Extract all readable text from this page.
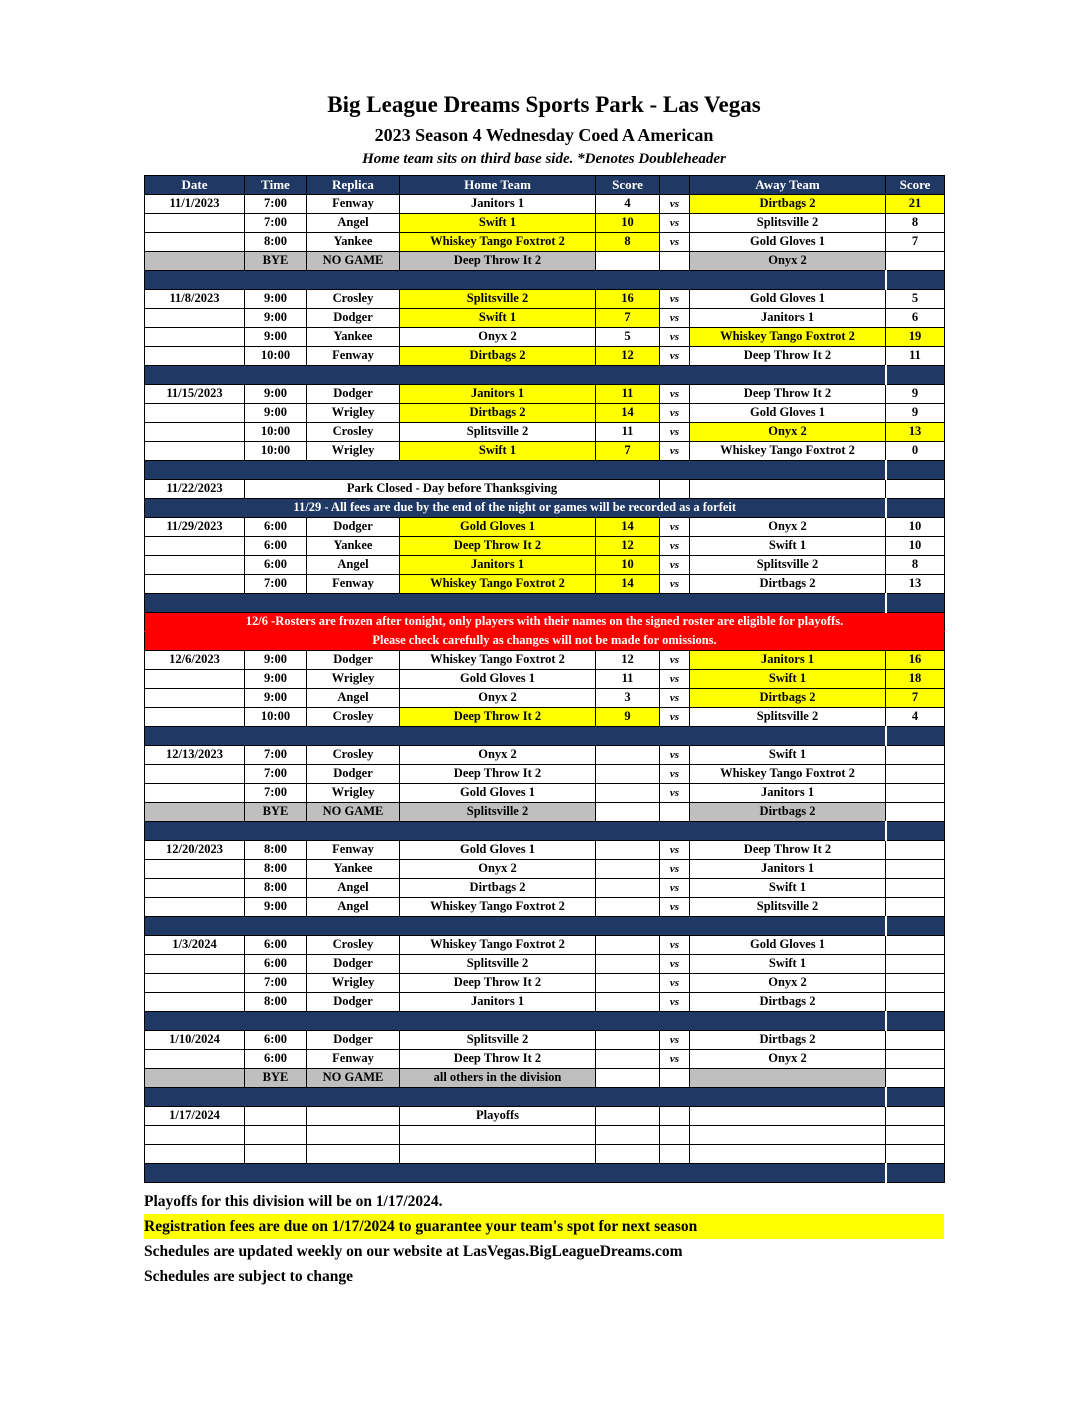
Big League Dreams Sports Park - Las Vegas
2023 Season 4 Wednesday Coed A American
Home team sits on third base side. *Denotes Doubleheader
Date	Time	Replica	Home Team	Score		Away Team	Score
11/1/2023	7:00	Fenway	Janitors 1	4	vs	Dirtbags 2	21
	7:00	Angel	Swift 1	10	vs	Splitsville 2	8
	8:00	Yankee	Whiskey Tango Foxtrot 2	8	vs	Gold Gloves 1	7
	BYE	NO GAME	Deep Throw It 2			Onyx 2	

11/8/2023	9:00	Crosley	Splitsville 2	16	vs	Gold Gloves 1	5
	9:00	Dodger	Swift 1	7	vs	Janitors 1	6
	9:00	Yankee	Onyx 2	5	vs	Whiskey Tango Foxtrot 2	19
	10:00	Fenway	Dirtbags 2	12	vs	Deep Throw It 2	11

11/15/2023	9:00	Dodger	Janitors 1	11	vs	Deep Throw It 2	9
	9:00	Wrigley	Dirtbags 2	14	vs	Gold Gloves 1	9
	10:00	Crosley	Splitsville 2	11	vs	Onyx 2	13
	10:00	Wrigley	Swift 1	7	vs	Whiskey Tango Foxtrot 2	0

11/22/2023	Park Closed - Day before Thanksgiving						
11/29 - All fees are due by the end of the night or games will be recorded as a forfeit							
11/29/2023	6:00	Dodger	Gold Gloves 1	14	vs	Onyx 2	10
	6:00	Yankee	Deep Throw It 2	12	vs	Swift 1	10
	6:00	Angel	Janitors 1	10	vs	Splitsville 2	8
	7:00	Fenway	Whiskey Tango Foxtrot 2	14	vs	Dirtbags 2	13

12/6 -Rosters are frozen after tonight, only players with their names on the signed roster are eligible for playoffs.							
Please check carefully as changes will not be made for omissions.							
12/6/2023	9:00	Dodger	Whiskey Tango Foxtrot 2	12	vs	Janitors 1	16
	9:00	Wrigley	Gold Gloves 1	11	vs	Swift 1	18
	9:00	Angel	Onyx 2	3	vs	Dirtbags 2	7
	10:00	Crosley	Deep Throw It 2	9	vs	Splitsville 2	4

12/13/2023	7:00	Crosley	Onyx 2		vs	Swift 1	
	7:00	Dodger	Deep Throw It 2		vs	Whiskey Tango Foxtrot 2	
	7:00	Wrigley	Gold Gloves 1		vs	Janitors 1	
	BYE	NO GAME	Splitsville 2			Dirtbags 2	

12/20/2023	8:00	Fenway	Gold Gloves 1		vs	Deep Throw It 2	
	8:00	Yankee	Onyx 2		vs	Janitors 1	
	8:00	Angel	Dirtbags 2		vs	Swift 1	
	9:00	Angel	Whiskey Tango Foxtrot 2		vs	Splitsville 2	

1/3/2024	6:00	Crosley	Whiskey Tango Foxtrot 2		vs	Gold Gloves 1	
	6:00	Dodger	Splitsville 2		vs	Swift 1	
	7:00	Wrigley	Deep Throw It 2		vs	Onyx 2	
	8:00	Dodger	Janitors 1		vs	Dirtbags 2	

1/10/2024	6:00	Dodger	Splitsville 2		vs	Dirtbags 2	
	6:00	Fenway	Deep Throw It 2		vs	Onyx 2	
	BYE	NO GAME	all others in the division				

1/17/2024			Playoffs				

Playoffs for this division will be on 1/17/2024.
Registration fees are due on 1/17/2024 to guarantee your team's spot for next season
Schedules are updated weekly on our website at LasVegas.BigLeagueDreams.com
Schedules are subject to change
